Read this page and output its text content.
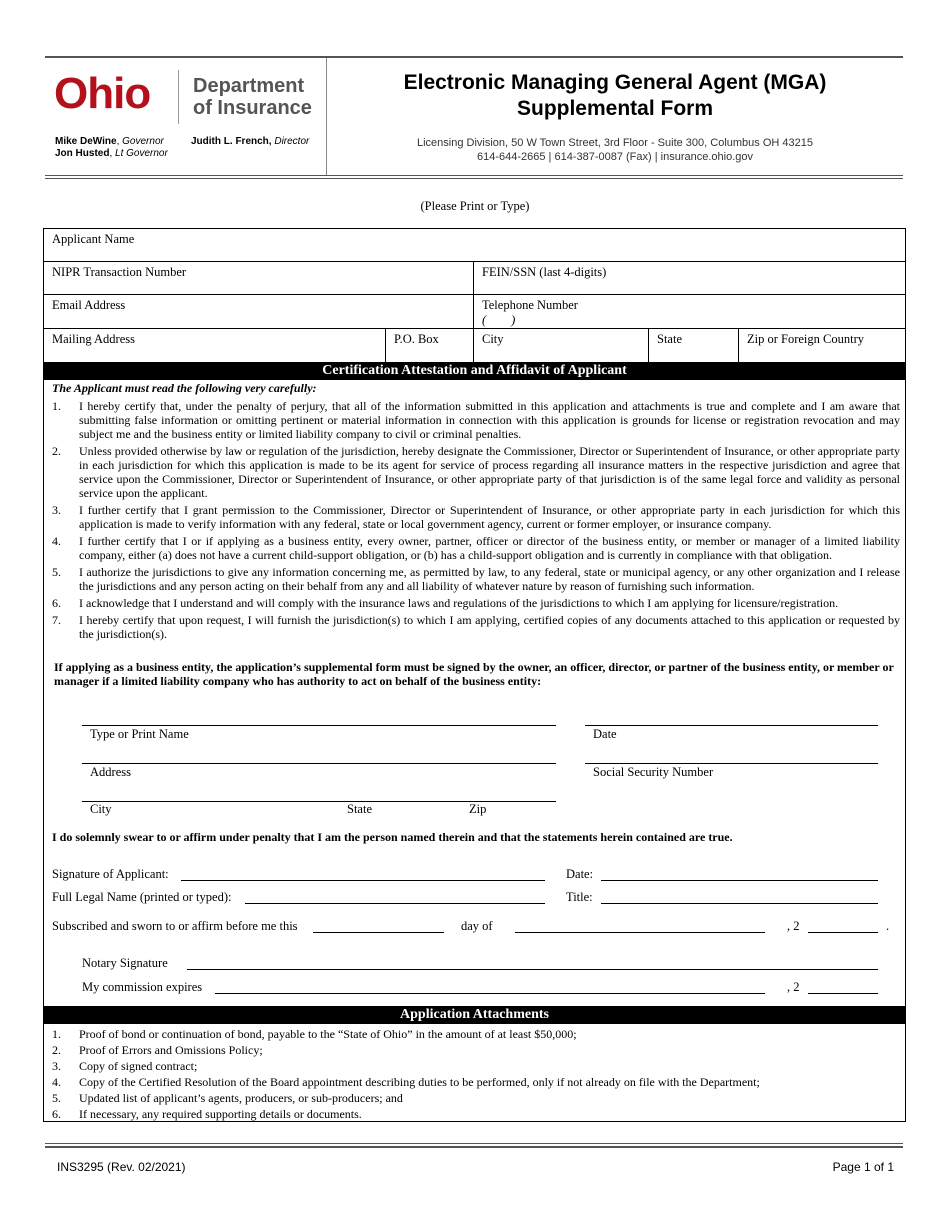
Ohio Department
of Insurance
Mike DeWine, Governor
Jon Husted, Lt Governor
Judith L. French, Director
Electronic Managing General Agent (MGA)
Supplemental Form
Licensing Division, 50 W Town Street, 3rd Floor - Suite 300, Columbus OH 43215
614-644-2665 | 614-387-0087 (Fax) | insurance.ohio.gov
(Please Print or Type)
Applicant Name
NIPR Transaction Number	FEIN/SSN (last 4-digits)
Email Address	Telephone Number
(        )
Mailing Address	P.O. Box	City	State	Zip or Foreign Country
Certification Attestation and Affidavit of Applicant
The Applicant must read the following very carefully:
1. I hereby certify that, under the penalty of perjury, that all of the information submitted in this application and attachments is true and complete and I am aware that submitting false information or omitting pertinent or material information in connection with this application is grounds for license or registration revocation and may subject me and the business entity or limited liability company to civil or criminal penalties.
2. Unless provided otherwise by law or regulation of the jurisdiction, hereby designate the Commissioner, Director or Superintendent of Insurance, or other appropriate party in each jurisdiction for which this application is made to be its agent for service of process regarding all insurance matters in the respective jurisdiction and agree that service upon the Commissioner, Director or Superintendent of Insurance, or other appropriate party of that jurisdiction is of the same legal force and validity as personal service upon the applicant.
3. I further certify that I grant permission to the Commissioner, Director or Superintendent of Insurance, or other appropriate party in each jurisdiction for which this application is made to verify information with any federal, state or local government agency, current or former employer, or insurance company.
4. I further certify that I or if applying as a business entity, every owner, partner, officer or director of the business entity, or member or manager of a limited liability company, either (a) does not have a current child-support obligation, or (b) has a child-support obligation and is currently in compliance with that obligation.
5. I authorize the jurisdictions to give any information concerning me, as permitted by law, to any federal, state or municipal agency, or any other organization and I release the jurisdictions and any person acting on their behalf from any and all liability of whatever nature by reason of furnishing such information.
6. I acknowledge that I understand and will comply with the insurance laws and regulations of the jurisdictions to which I am applying for licensure/registration.
7. I hereby certify that upon request, I will furnish the jurisdiction(s) to which I am applying, certified copies of any documents attached to this application or requested by the jurisdiction(s).
If applying as a business entity, the application’s supplemental form must be signed by the owner, an officer, director, or partner of the business entity, or member or manager if a limited liability company who has authority to act on behalf of the business entity:
Type or Print Name	Date
Address	Social Security Number
City	State	Zip
I do solemnly swear to or affirm under penalty that I am the person named therein and that the statements herein contained are true.
Signature of Applicant:	Date:
Full Legal Name (printed or typed):	Title:
Subscribed and sworn to or affirm before me this	day of	, 2	.
Notary Signature
My commission expires	, 2
Application Attachments
1. Proof of bond or continuation of bond, payable to the “State of Ohio” in the amount of at least $50,000;
2. Proof of Errors and Omissions Policy;
3. Copy of signed contract;
4. Copy of the Certified Resolution of the Board appointment describing duties to be performed, only if not already on file with the Department;
5. Updated list of applicant’s agents, producers, or sub-producers; and
6. If necessary, any required supporting details or documents.
INS3295 (Rev. 02/2021)	Page 1 of 1
